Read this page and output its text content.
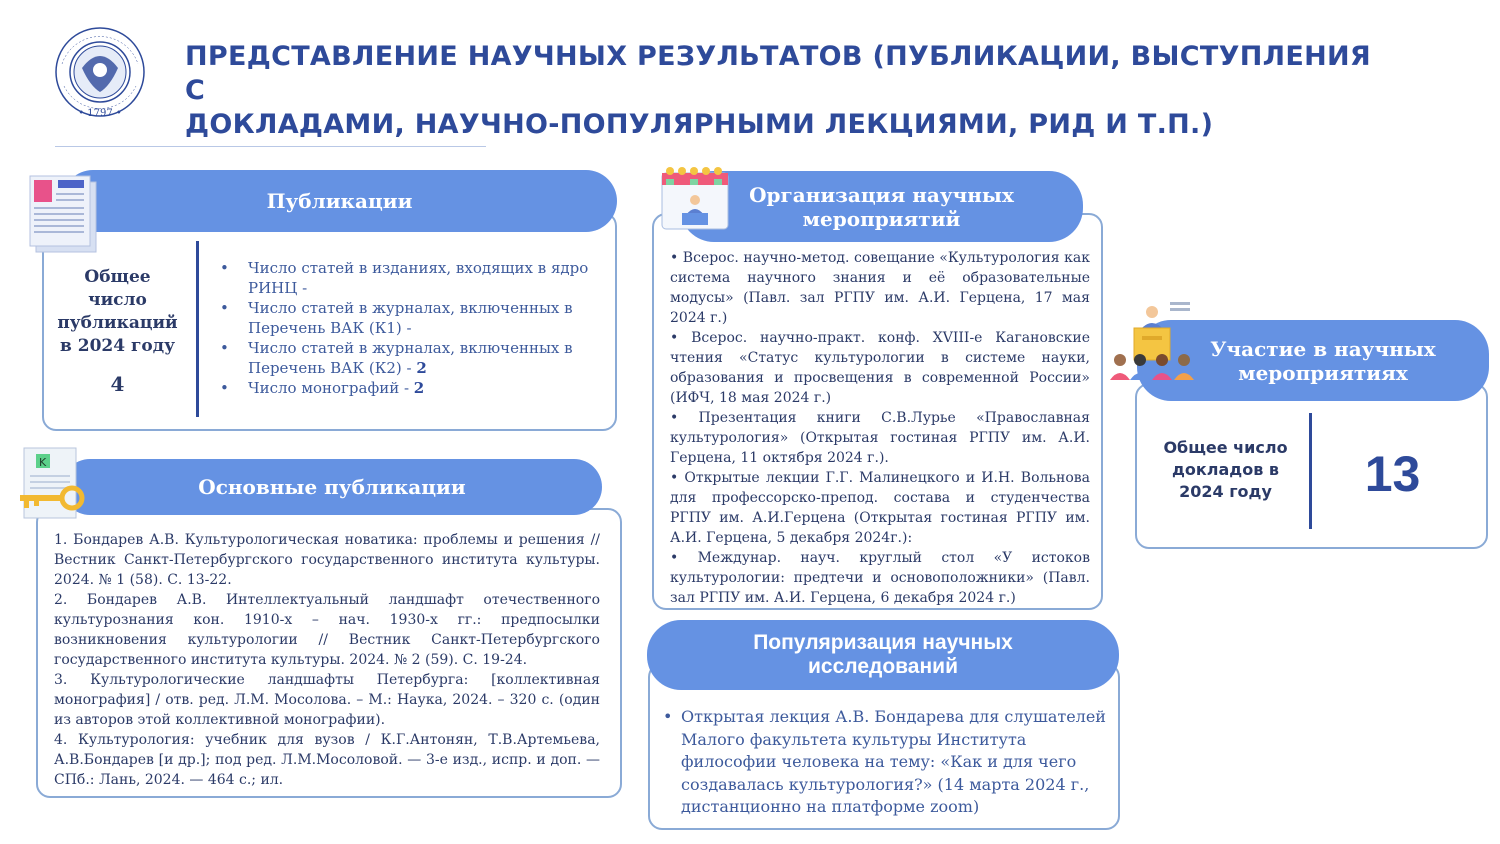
• 1797 •
ПРЕДСТАВЛЕНИЕ НАУЧНЫХ РЕЗУЛЬТАТОВ (ПУБЛИКАЦИИ, ВЫСТУПЛЕНИЯ С
ДОКЛАДАМИ, НАУЧНО-ПОПУЛЯРНЫМИ ЛЕКЦИЯМИ, РИД И Т.П.)
Публикации
Общее число публикаций в 2024 году
4
• Число статей в изданиях, входящих в ядро РИНЦ -
• Число статей в журналах, включенных в Перечень ВАК (К1) -
• Число статей в журналах, включенных в Перечень ВАК (К2) - 2
• Число монографий - 2
Основные публикации
K

1. Бондарев А.В. Культурологическая новатика: проблемы и решения // Вестник Санкт-Петербургского государственного института культуры. 2024. № 1 (58). С. 13-22.

2. Бондарев А.В. Интеллектуальный ландшафт отечественного культурознания кон. 1910-х – нач. 1930-х гг.: предпосылки возникновения культурологии // Вестник Санкт-Петербургского государственного института культуры. 2024. № 2 (59). С. 19-24.

3. Культурологические ландшафты Петербурга: [коллективная монография] / отв. ред. Л.М. Мосолова. – М.: Наука, 2024. – 320 с. (один из авторов этой коллективной монографии).

4. Культурология: учебник для вузов / К.Г.Антонян, Т.В.Артемьева, А.В.Бондарев [и др.]; под ред. Л.М.Мосоловой. — 3-е изд., испр. и доп. — СПб.: Лань, 2024. — 464 с.; ил.

Организация научных мероприятий

• Всерос. научно-метод. совещание «Культурология как система научного знания и её образовательные модусы» (Павл. зал РГПУ им. А.И. Герцена, 17 мая 2024 г.)

• Всерос. научно-практ. конф. XVIII-е Кагановские чтения «Статус культурологии в системе науки, образования и просвещения в современной России» (ИФЧ, 18 мая 2024 г.)

• Презентация книги С.В.Лурье «Православная культурология» (Открытая гостиная РГПУ им. А.И. Герцена, 11 октября 2024 г.).

• Открытые лекции Г.Г. Малинецкого и И.Н. Вольнова для профессорско-препод. состава и студенчества РГПУ им. А.И.Герцена (Открытая гостиная РГПУ им. А.И. Герцена, 5 декабря 2024г.):

• Междунар. науч. круглый стол «У истоков культурологии: предтечи и основоположники» (Павл. зал РГПУ им. А.И. Герцена, 6 декабря 2024 г.)

Популяризация научных исследований
• Открытая лекция А.В. Бондарева для слушателей Малого факультета культуры Института философии человека на тему: «Как и для чего создавалась культурология?» (14 марта 2024 г., дистанционно на платформе zoom)
Участие в научных мероприятиях
Общее число докладов в 2024 году	13
